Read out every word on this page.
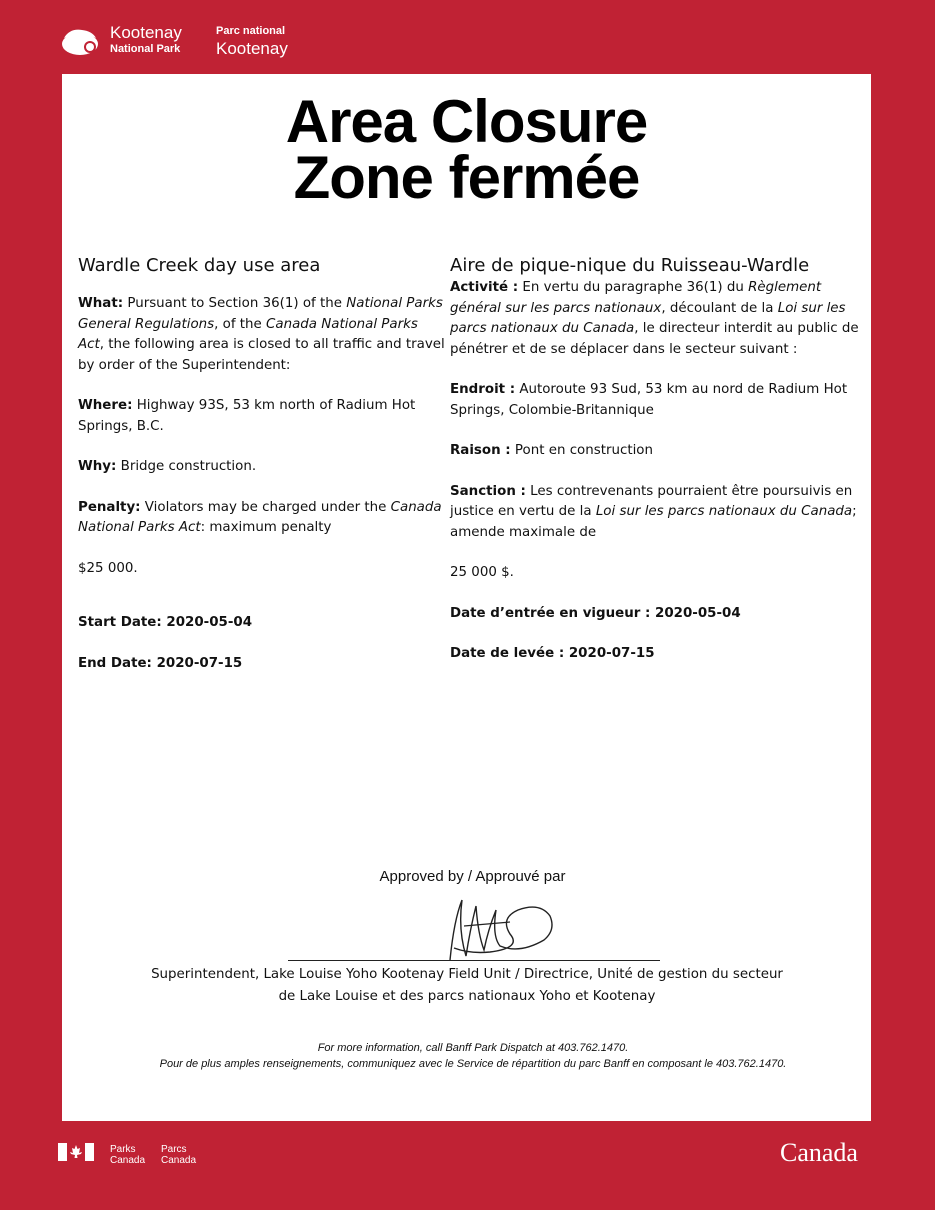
Kootenay
National Park
Parc national
Kootenay
Area Closure
Zone fermée
Wardle Creek day use area

What: Pursuant to Section 36(1) of the National Parks General Regulations, of the Canada National Parks Act, the following area is closed to all traffic and travel by order of the Superintendent:

Where: Highway 93S, 53 km north of Radium Hot Springs, B.C.

Why: Bridge construction.

Penalty: Violators may be charged under the Canada National Parks Act: maximum penalty

$25 000.

Start Date: 2020-05-04

End Date: 2020-07-15

Aire de pique-nique du Ruisseau-Wardle

Activité : En vertu du paragraphe 36(1) du Règlement général sur les parcs nationaux, découlant de la Loi sur les parcs nationaux du Canada, le directeur interdit au public de pénétrer et de se déplacer dans le secteur suivant :

Endroit : Autoroute 93 Sud, 53 km au nord de Radium Hot Springs, Colombie-Britannique

Raison : Pont en construction

Sanction : Les contrevenants pourraient être poursuivis en justice en vertu de la Loi sur les parcs nationaux du Canada; amende maximale de

25 000 $.

Date d’entrée en vigueur : 2020-05-04

Date de levée : 2020-07-15

Approved by / Approuvé par
Superintendent, Lake Louise Yoho Kootenay Field Unit / Directrice, Unité de gestion du secteur
de Lake Louise et des parcs nationaux Yoho et Kootenay
For more information, call Banff Park Dispatch at 403.762.1470.
Pour de plus amples renseignements, communiquez avec le Service de répartition du parc Banff en composant le 403.762.1470.
Parks
Canada
Parcs
Canada	Canada
